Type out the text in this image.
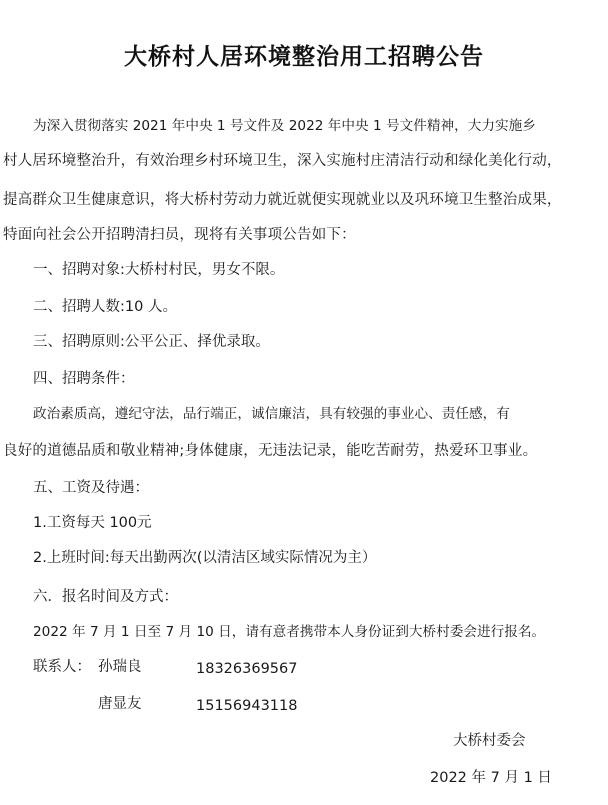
大桥村人居环境整治用工招聘公告
为深入贯彻落实 2021 年中央 1 号文件及 2022 年中央 1 号文件精神，大力实施乡
村人居环境整治升，有效治理乡村环境卫生，深入实施村庄清洁行动和绿化美化行动，
提高群众卫生健康意识，将大桥村劳动力就近就便实现就业以及巩环境卫生整治成果，
特面向社会公开招聘清扫员，现将有关事项公告如下：
一、招聘对象:大桥村村民，男女不限。
二、招聘人数:10 人。
三、招聘原则:公平公正、择优录取。
四、招聘条件：
政治素质高，遵纪守法，品行端正，诚信廉洁，具有较强的事业心、责任感，有
良好的道德品质和敬业精神;身体健康，无违法记录，能吃苦耐劳，热爱环卫事业。
五、工资及待遇：
1.工资每天 100元
2.上班时间:每天出勤两次(以清洁区域实际情况为主）
六．报名时间及方式：
2022 年 7 月 1 日至 7 月 10 日，请有意者携带本人身份证到大桥村委会进行报名。
联系人： 孙瑞良	18326369567
唐显友	15156943118
大桥村委会
2022 年 7 月 1 日
